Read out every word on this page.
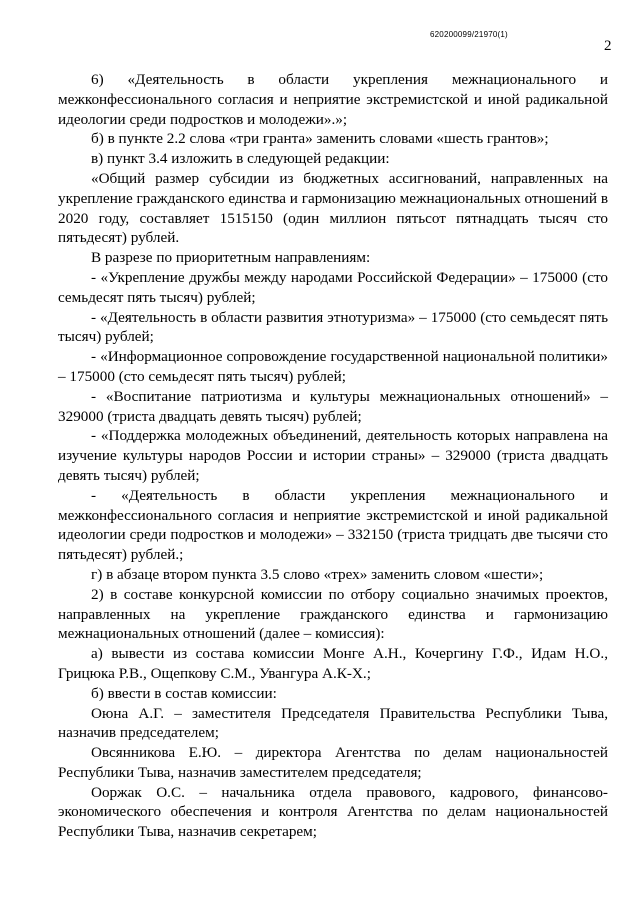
620200099/21970(1)
2

6) «Деятельность в области укрепления межнационального и межконфессионального согласия и неприятие экстремистской и иной радикальной идеологии среди подростков и молодежи».»;

б) в пункте 2.2 слова «три гранта» заменить словами «шесть грантов»;

в) пункт 3.4 изложить в следующей редакции:

«Общий размер субсидии из бюджетных ассигнований, направленных на укрепление гражданского единства и гармонизацию межнациональных отношений в 2020 году, составляет 1515150 (один миллион пятьсот пятнадцать тысяч сто пятьдесят) рублей.

В разрезе по приоритетным направлениям:

- «Укрепление дружбы между народами Российской Федерации» – 175000 (сто семьдесят пять тысяч) рублей;

- «Деятельность в области развития этнотуризма» – 175000 (сто семьдесят пять тысяч) рублей;

- «Информационное сопровождение государственной национальной политики» – 175000 (сто семьдесят пять тысяч) рублей;

- «Воспитание патриотизма и культуры межнациональных отношений» – 329000 (триста двадцать девять тысяч) рублей;

- «Поддержка молодежных объединений, деятельность которых направлена на изучение культуры народов России и истории страны» – 329000 (триста двадцать девять тысяч) рублей;

- «Деятельность в области укрепления межнационального и межконфессионального согласия и неприятие экстремистской и иной радикальной идеологии среди подростков и молодежи» – 332150 (триста тридцать две тысячи сто пятьдесят) рублей.;

г) в абзаце втором пункта 3.5 слово «трех» заменить словом «шести»;

2) в составе конкурсной комиссии по отбору социально значимых проектов, направленных на укрепление гражданского единства и гармонизацию межнациональных отношений (далее – комиссия):

а) вывести из состава комиссии Монге А.Н., Кочергину Г.Ф., Идам Н.О., Грицюка Р.В., Ощепкову С.М., Увангура А.К-Х.;

б) ввести в состав комиссии:

Оюна А.Г. – заместителя Председателя Правительства Республики Тыва, назначив председателем;

Овсянникова Е.Ю. – директора Агентства по делам национальностей Республики Тыва, назначив заместителем председателя;

Ооржак О.С. – начальника отдела правового, кадрового, финансово-экономического обеспечения и контроля Агентства по делам национальностей Республики Тыва, назначив секретарем;
